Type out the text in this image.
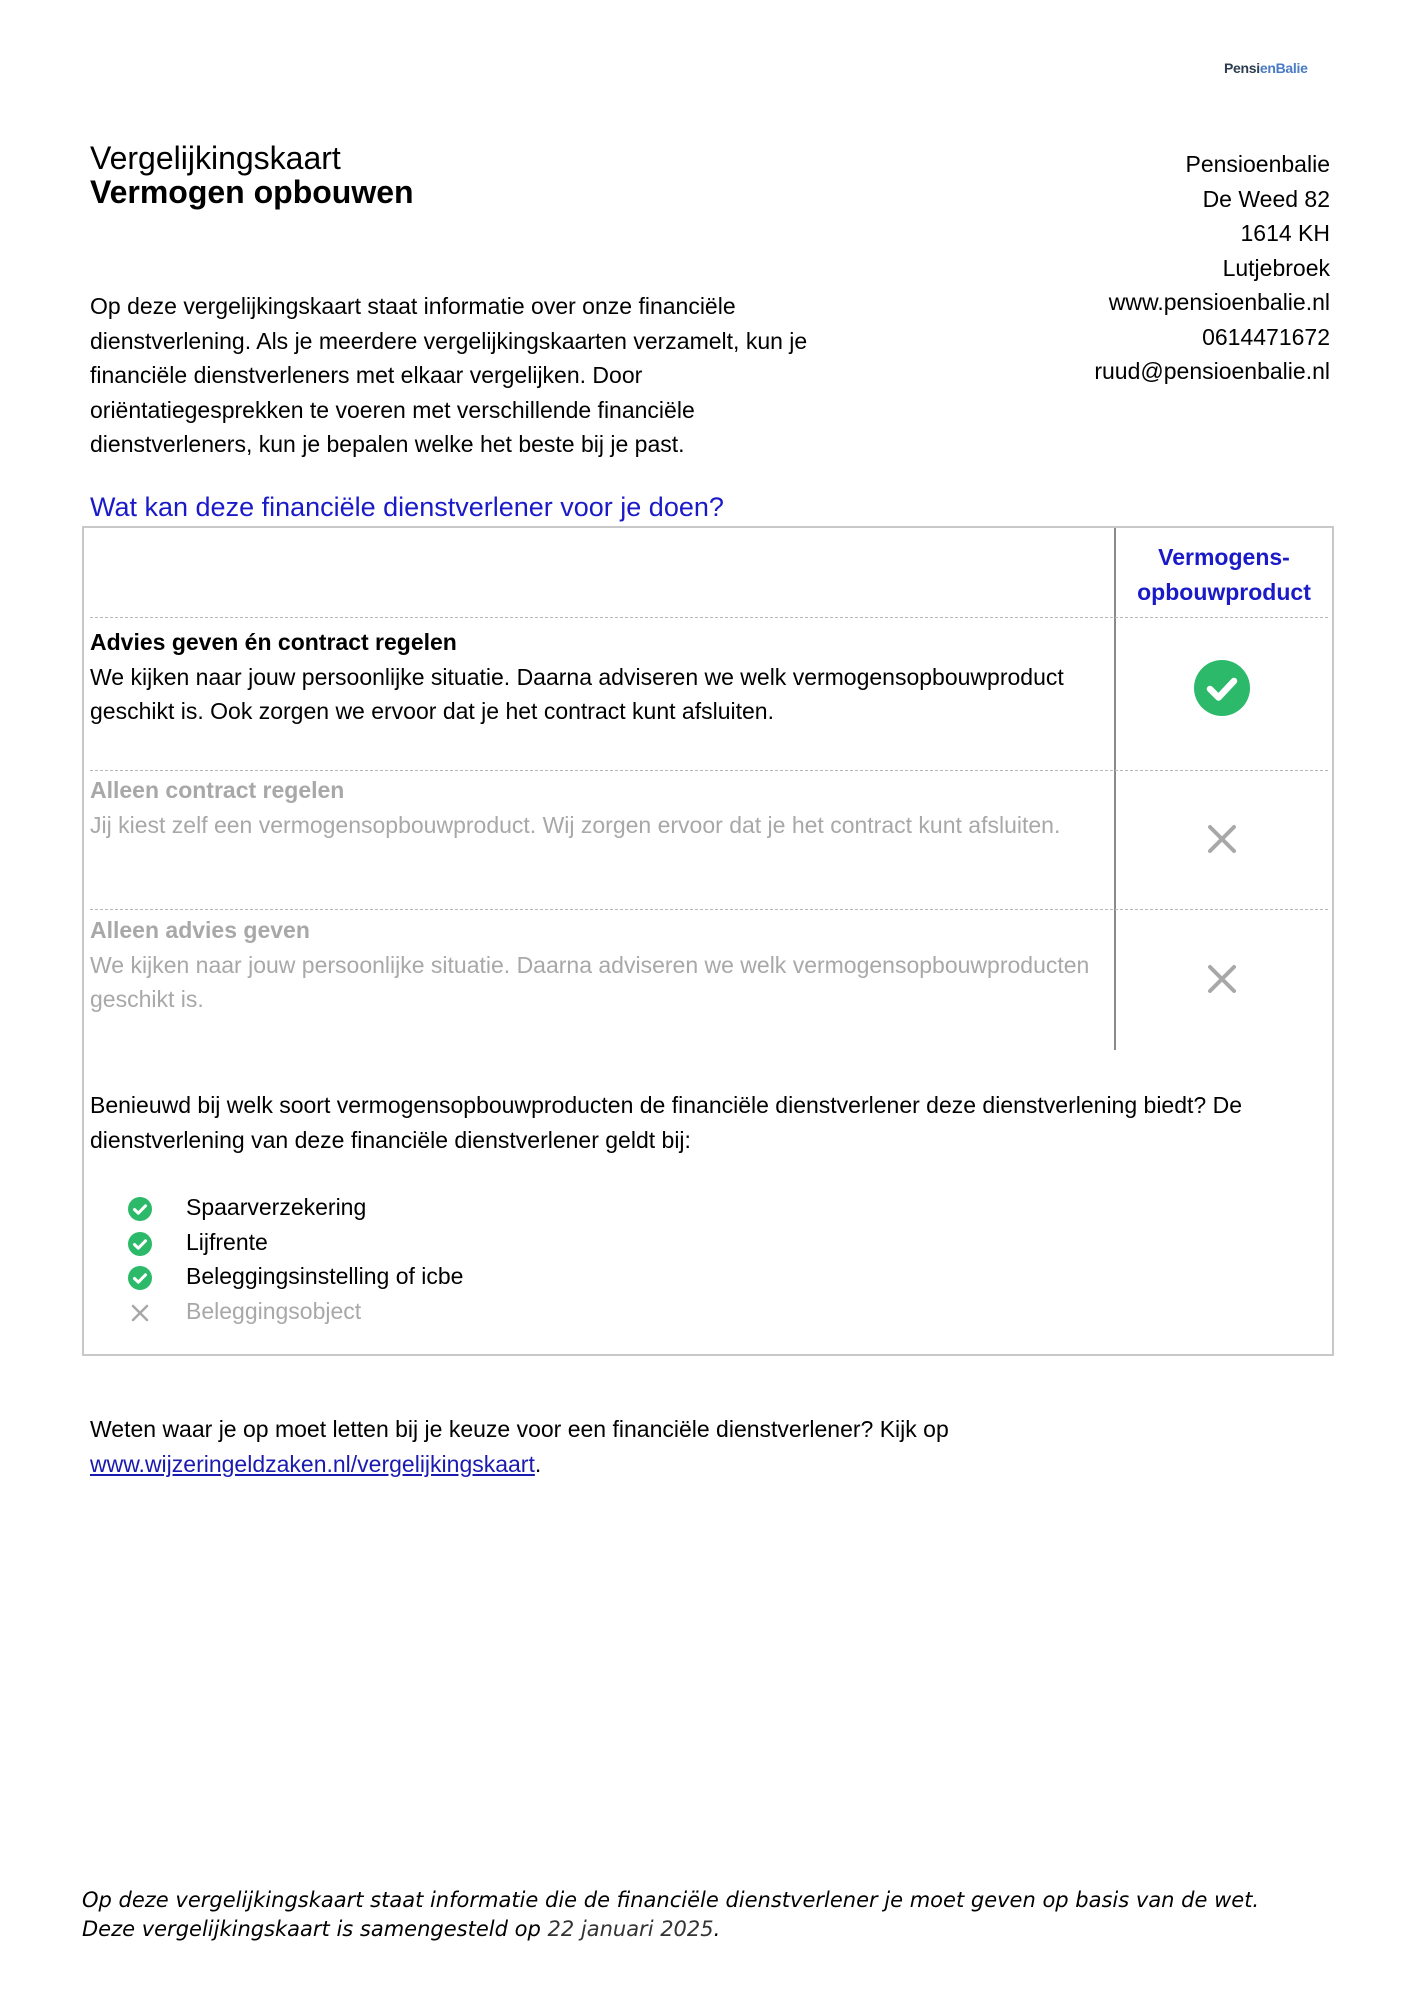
PensienBalie
Vergelijkingskaart
Vermogen opbouwen
Pensioenbalie
De Weed 82
1614 KH
Lutjebroek
www.pensioenbalie.nl
0614471672
ruud@pensioenbalie.nl
Op deze vergelijkingskaart staat informatie over onze financiële dienstverlening. Als je meerdere vergelijkingskaarten verzamelt, kun je financiële dienstverleners met elkaar vergelijken. Door oriëntatiegesprekken te voeren met verschillende financiële dienstverleners, kun je bepalen welke het beste bij je past.
Wat kan deze financiële dienstverlener voor je doen?
Vermogens-
opbouwproduct
Advies geven én contract regelen
We kijken naar jouw persoonlijke situatie. Daarna adviseren we welk vermogensopbouwproduct geschikt is. Ook zorgen we ervoor dat je het contract kunt afsluiten.
Alleen contract regelen
Jij kiest zelf een vermogensopbouwproduct. Wij zorgen ervoor dat je het contract kunt afsluiten.
Alleen advies geven
We kijken naar jouw persoonlijke situatie. Daarna adviseren we welk vermogensopbouwproducten geschikt is.
Benieuwd bij welk soort vermogensopbouwproducten de financiële dienstverlener deze dienstverlening biedt? De dienstverlening van deze financiële dienstverlener geldt bij:
Spaarverzekering
Lijfrente
Beleggingsinstelling of icbe
Beleggingsobject
Weten waar je op moet letten bij je keuze voor een financiële dienstverlener? Kijk op www.wijzeringeldzaken.nl/vergelijkingskaart.
Op deze vergelijkingskaart staat informatie die de financiële dienstverlener je moet geven op basis van de wet. Deze vergelijkingskaart is samengesteld op 22 januari 2025.
